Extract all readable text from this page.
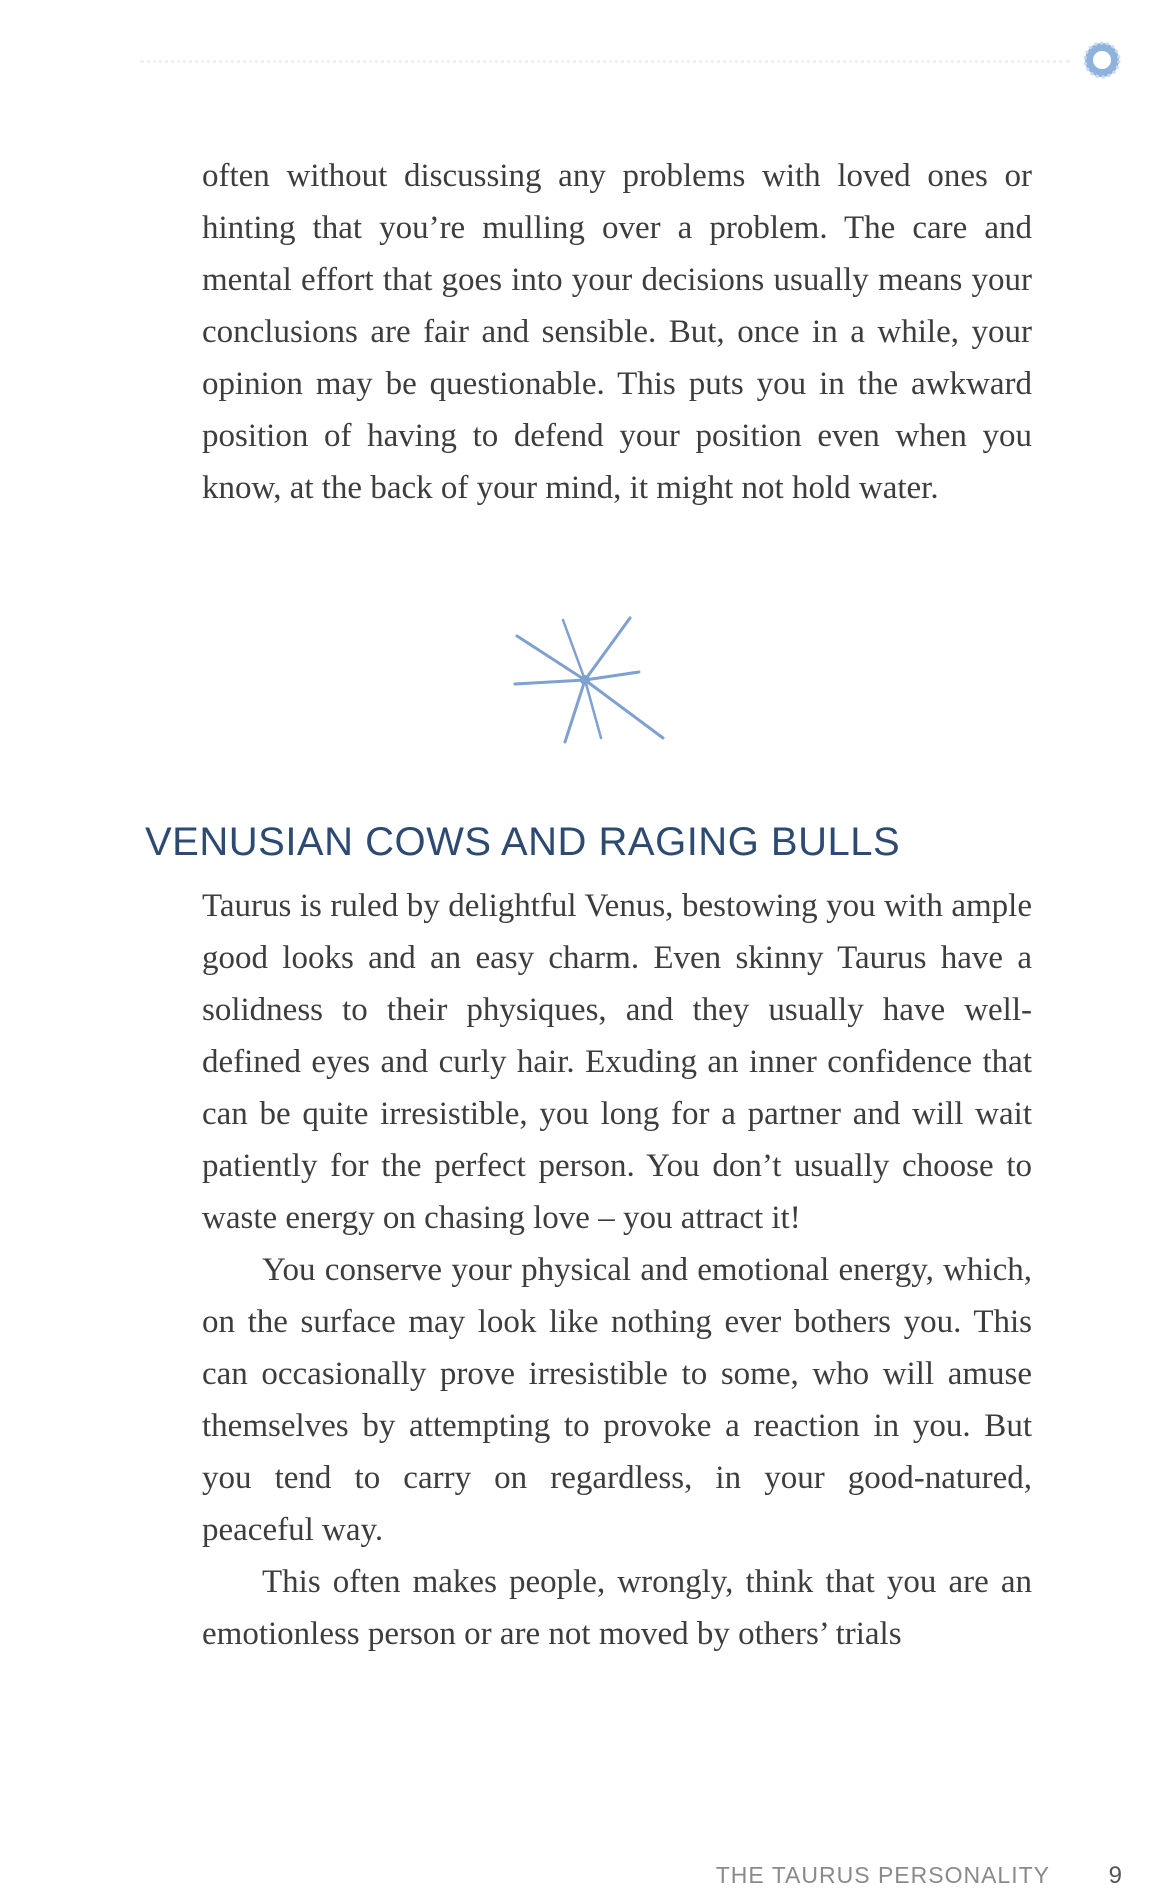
often without discussing any problems with loved ones or hinting that you’re mulling over a problem. The care and mental effort that goes into your decisions usually means your conclusions are fair and sensible. But, once in a while, your opinion may be questionable. This puts you in the awkward position of having to defend your position even when you know, at the back of your mind, it might not hold water.

VENUSIAN COWS AND RAGING BULLS

Taurus is ruled by delightful Venus, bestowing you with ample good looks and an easy charm. Even skinny Taurus have a solidness to their physiques, and they usually have well-defined eyes and curly hair. Exuding an inner confidence that can be quite irresistible, you long for a partner and will wait patiently for the perfect person. You don’t usually choose to waste energy on chasing love – you attract it!

You conserve your physical and emotional energy, which, on the surface may look like nothing ever bothers you. This can occasionally prove irresistible to some, who will amuse themselves by attempting to provoke a reaction in you. But you tend to carry on regardless, in your good-natured, peaceful way.

This often makes people, wrongly, think that you are an emotionless person or are not moved by others’ trials

THE TAURUS PERSONALITY 9
